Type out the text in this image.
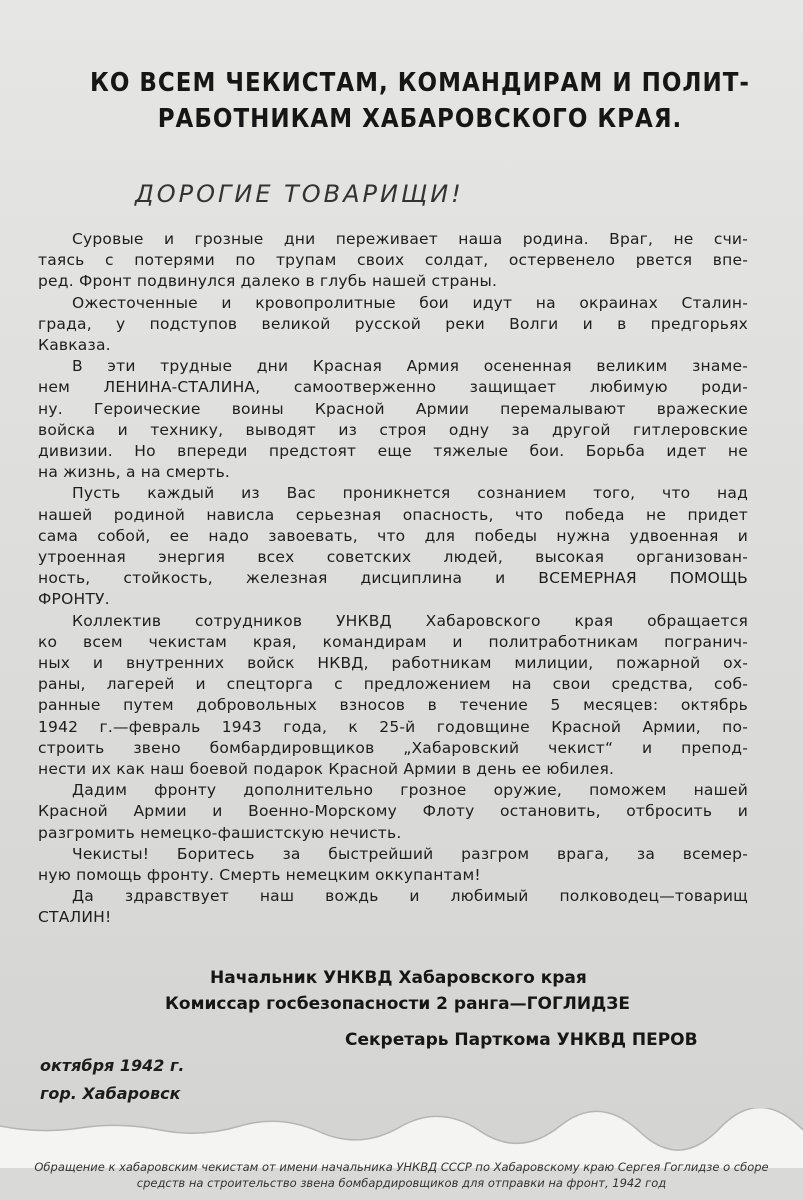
КО ВСЕМ ЧЕКИСТАМ, КОМАНДИРАМ И ПОЛИТ-
РАБОТНИКАМ ХАБАРОВСКОГО КРАЯ.
ДОРОГИЕ ТОВАРИЩИ!
Суровые и грозные дни переживает наша родина. Враг, не счи-
таясь с потерями по трупам своих солдат, остервенело рвется впе-
ред. Фронт подвинулся далеко в глубь нашей страны.
Ожесточенные и кровопролитные бои идут на окраинах Сталин-
града, у подступов великой русской реки Волги и в предгорьях
Кавказа.
В эти трудные дни Красная Армия осененная великим знаме-
нем ЛЕНИНА-СТАЛИНА, самоотверженно защищает любимую роди-
ну. Героические воины Красной Армии перемалывают вражеские
войска и технику, выводят из строя одну за другой гитлеровские
дивизии. Но впереди предстоят еще тяжелые бои. Борьба идет не
на жизнь, а на смерть.
Пусть каждый из Вас проникнется сознанием того, что над
нашей родиной нависла серьезная опасность, что победа не придет
сама собой, ее надо завоевать, что для победы нужна удвоенная и
утроенная энергия всех советских людей, высокая организован-
ность, стойкость, железная дисциплина и ВСЕМЕРНАЯ ПОМОЩЬ
ФРОНТУ.
Коллектив сотрудников УНКВД Хабаровского края обращается
ко всем чекистам края, командирам и политработникам погранич-
ных и внутренних войск НКВД, работникам милиции, пожарной ох-
раны, лагерей и спецторга с предложением на свои средства, соб-
ранные путем добровольных взносов в течение 5 месяцев: октябрь
1942 г.—февраль 1943 года, к 25-й годовщине Красной Армии, по-
строить звено бомбардировщиков „Хабаровский чекист“ и препод-
нести их как наш боевой подарок Красной Армии в день ее юбилея.
Дадим фронту дополнительно грозное оружие, поможем нашей
Красной Армии и Военно-Морскому Флоту остановить, отбросить и
разгромить немецко-фашистскую нечисть.
Чекисты! Боритесь за быстрейший разгром врага, за всемер-
ную помощь фронту. Смерть немецким оккупантам!
Да здравствует наш вождь и любимый полководец—товарищ
СТАЛИН!
Начальник УНКВД Хабаровского края
Комиссар госбезопасности 2 ранга—ГОГЛИДЗЕ
Секретарь Парткома УНКВД ПЕРОВ
октября 1942 г.
гор. Хабаровск
Обращение к хабаровским чекистам от имени начальника УНКВД СССР по Хабаровскому краю Сергея Гоглидзе о сборе
средств на строительство звена бомбардировщиков для отправки на фронт, 1942 год
